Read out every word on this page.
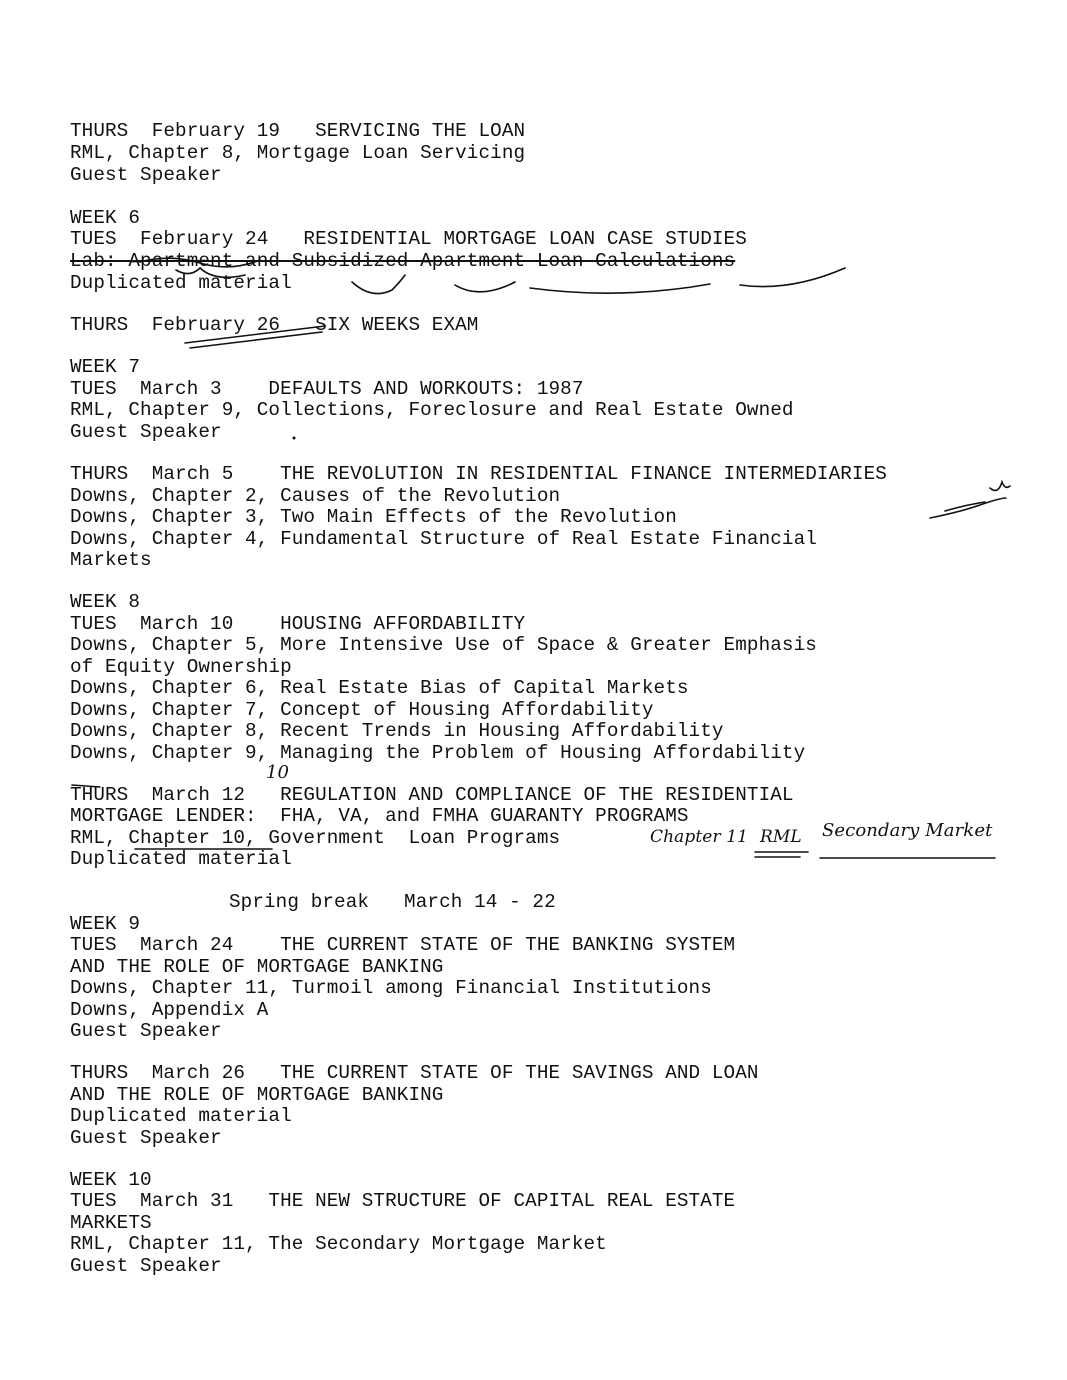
THURS  February 19   SERVICING THE LOAN
RML, Chapter 8, Mortgage Loan Servicing
Guest Speaker
WEEK 6
TUES  February 24   RESIDENTIAL MORTGAGE LOAN CASE STUDIES
Lab: Apartment and Subsidized Apartment Loan Calculations
Duplicated material
THURS  February 26   SIX WEEKS EXAM
WEEK 7
TUES  March 3    DEFAULTS AND WORKOUTS: 1987
RML, Chapter 9, Collections, Foreclosure and Real Estate Owned
Guest Speaker
THURS  March 5    THE REVOLUTION IN RESIDENTIAL FINANCE INTERMEDIARIES
Downs, Chapter 2, Causes of the Revolution
Downs, Chapter 3, Two Main Effects of the Revolution
Downs, Chapter 4, Fundamental Structure of Real Estate Financial
Markets
WEEK 8
TUES  March 10    HOUSING AFFORDABILITY
Downs, Chapter 5, More Intensive Use of Space & Greater Emphasis
of Equity Ownership
Downs, Chapter 6, Real Estate Bias of Capital Markets
Downs, Chapter 7, Concept of Housing Affordability
Downs, Chapter 8, Recent Trends in Housing Affordability
Downs, Chapter 9, Managing the Problem of Housing Affordability
10
THURS  March 12   REGULATION AND COMPLIANCE OF THE RESIDENTIAL
MORTGAGE LENDER:  FHA, VA, and FMHA GUARANTY PROGRAMS
RML, Chapter 10, Government  Loan Programs
Duplicated material
Chapter 11 RML Secondary Market
Spring break   March 14 - 22
WEEK 9
TUES  March 24    THE CURRENT STATE OF THE BANKING SYSTEM
AND THE ROLE OF MORTGAGE BANKING
Downs, Chapter 11, Turmoil among Financial Institutions
Downs, Appendix A
Guest Speaker
THURS  March 26   THE CURRENT STATE OF THE SAVINGS AND LOAN
AND THE ROLE OF MORTGAGE BANKING
Duplicated material
Guest Speaker
WEEK 10
TUES  March 31   THE NEW STRUCTURE OF CAPITAL REAL ESTATE
MARKETS
RML, Chapter 11, The Secondary Mortgage Market
Guest Speaker
